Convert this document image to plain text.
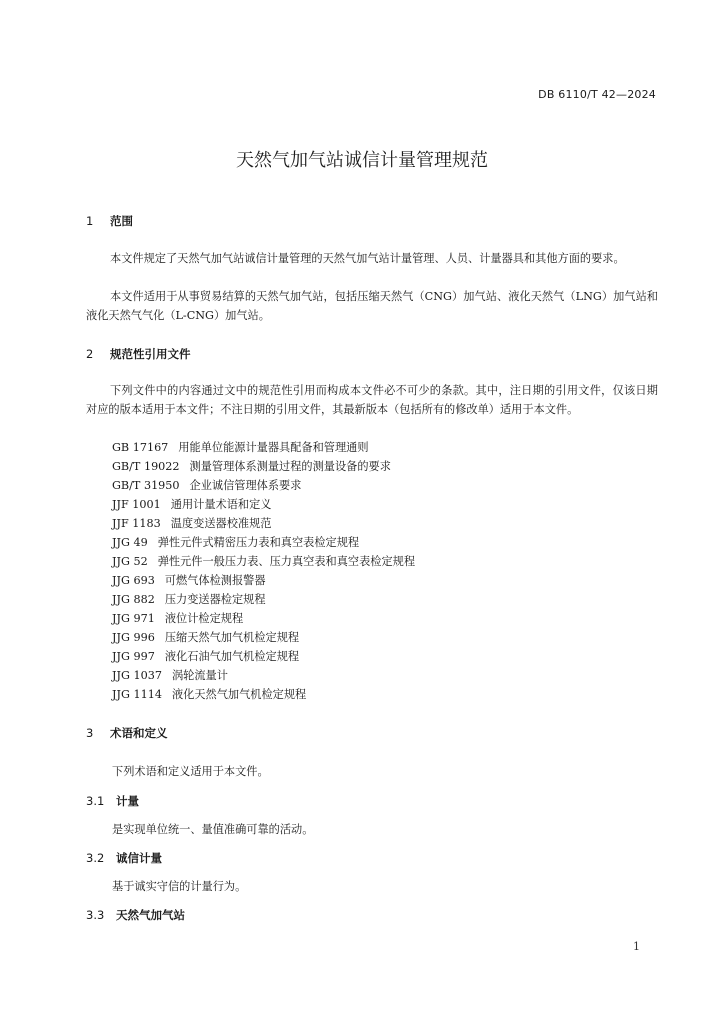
DB 6110/T 42—2024

天然气加气站诚信计量管理规范
1 范围

本文件规定了天然气加气站诚信计量管理的天然气加气站计量管理、人员、计量器具和其他方面的要求。

本文件适用于从事贸易结算的天然气加气站，包括压缩天然气（CNG）加气站、液化天然气（LNG）加气站和液化天然气气化（L-CNG）加气站。

2 规范性引用文件

下列文件中的内容通过文中的规范性引用而构成本文件必不可少的条款。其中，注日期的引用文件，仅该日期对应的版本适用于本文件；不注日期的引用文件，其最新版本（包括所有的修改单）适用于本文件。

GB 17167 用能单位能源计量器具配备和管理通则
GB/T 19022 测量管理体系测量过程的测量设备的要求
GB/T 31950 企业诚信管理体系要求
JJF 1001 通用计量术语和定义
JJF 1183 温度变送器校准规范
JJG 49 弹性元件式精密压力表和真空表检定规程
JJG 52 弹性元件一般压力表、压力真空表和真空表检定规程
JJG 693 可燃气体检测报警器
JJG 882 压力变送器检定规程
JJG 971 液位计检定规程
JJG 996 压缩天然气加气机检定规程
JJG 997 液化石油气加气机检定规程
JJG 1037 涡轮流量计
JJG 1114 液化天然气加气机检定规程
3 术语和定义

下列术语和定义适用于本文件。

3.1 计量

是实现单位统一、量值准确可靠的活动。

3.2 诚信计量

基于诚实守信的计量行为。

3.3 天然气加气站

1
